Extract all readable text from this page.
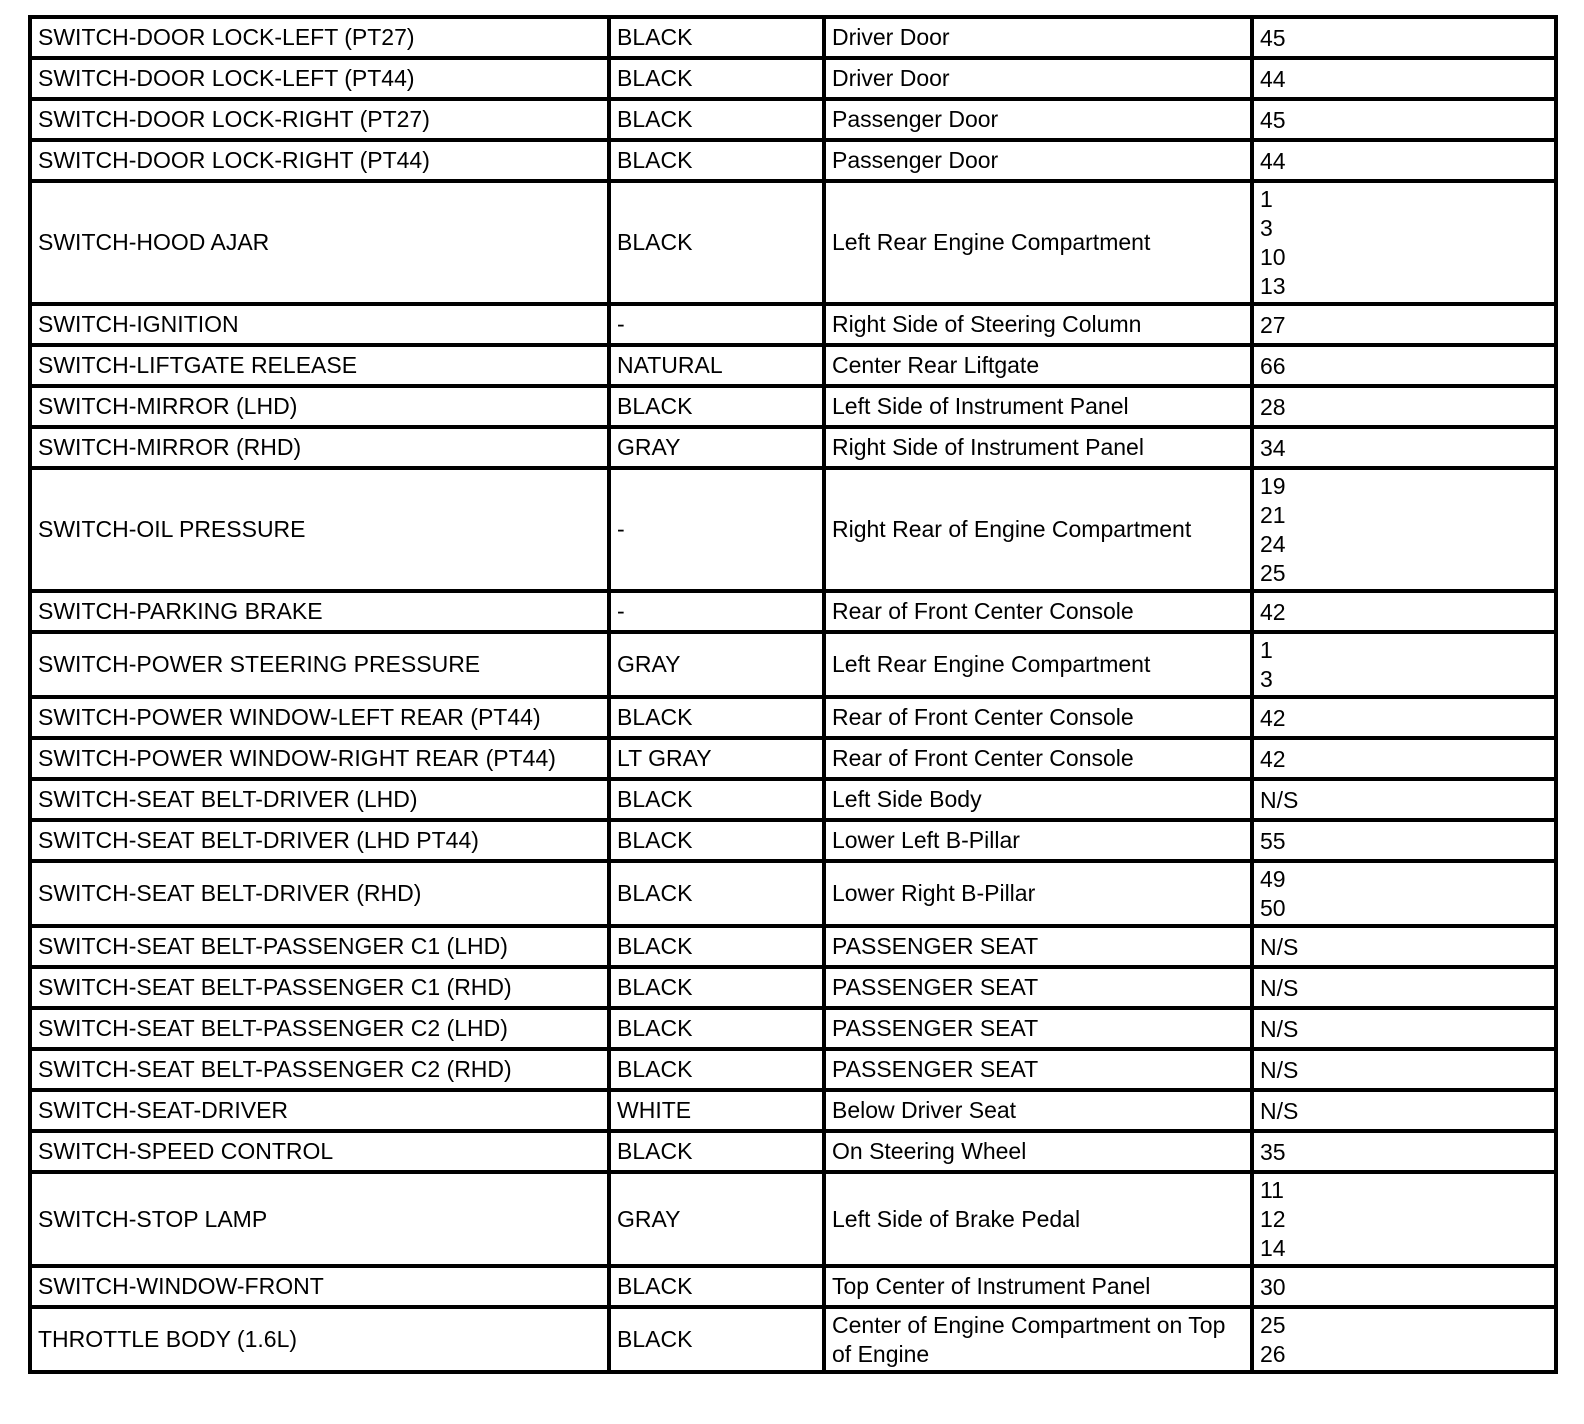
SWITCH-DOOR LOCK-LEFT (PT27)	BLACK	Driver Door	45

SWITCH-DOOR LOCK-LEFT (PT44)	BLACK	Driver Door	44

SWITCH-DOOR LOCK-RIGHT (PT27)	BLACK	Passenger Door	45

SWITCH-DOOR LOCK-RIGHT (PT44)	BLACK	Passenger Door	44

SWITCH-HOOD AJAR	BLACK	Left Rear Engine Compartment	1
3
10
13

SWITCH-IGNITION	-	Right Side of Steering Column	27

SWITCH-LIFTGATE RELEASE	NATURAL	Center Rear Liftgate	66

SWITCH-MIRROR (LHD)	BLACK	Left Side of Instrument Panel	28

SWITCH-MIRROR (RHD)	GRAY	Right Side of Instrument Panel	34

SWITCH-OIL PRESSURE	-	Right Rear of Engine Compartment	19
21
24
25

SWITCH-PARKING BRAKE	-	Rear of Front Center Console	42

SWITCH-POWER STEERING PRESSURE	GRAY	Left Rear Engine Compartment	1
3

SWITCH-POWER WINDOW-LEFT REAR (PT44)	BLACK	Rear of Front Center Console	42

SWITCH-POWER WINDOW-RIGHT REAR (PT44)	LT GRAY	Rear of Front Center Console	42

SWITCH-SEAT BELT-DRIVER (LHD)	BLACK	Left Side Body	N/S

SWITCH-SEAT BELT-DRIVER (LHD PT44)	BLACK	Lower Left B-Pillar	55

SWITCH-SEAT BELT-DRIVER (RHD)	BLACK	Lower Right B-Pillar	49
50

SWITCH-SEAT BELT-PASSENGER C1 (LHD)	BLACK	PASSENGER SEAT	N/S

SWITCH-SEAT BELT-PASSENGER C1 (RHD)	BLACK	PASSENGER SEAT	N/S

SWITCH-SEAT BELT-PASSENGER C2 (LHD)	BLACK	PASSENGER SEAT	N/S

SWITCH-SEAT BELT-PASSENGER C2 (RHD)	BLACK	PASSENGER SEAT	N/S

SWITCH-SEAT-DRIVER	WHITE	Below Driver Seat	N/S

SWITCH-SPEED CONTROL	BLACK	On Steering Wheel	35

SWITCH-STOP LAMP	GRAY	Left Side of Brake Pedal	11
12
14

SWITCH-WINDOW-FRONT	BLACK	Top Center of Instrument Panel	30

THROTTLE BODY (1.6L)	BLACK	Center of Engine Compartment on Top of Engine	25
26
